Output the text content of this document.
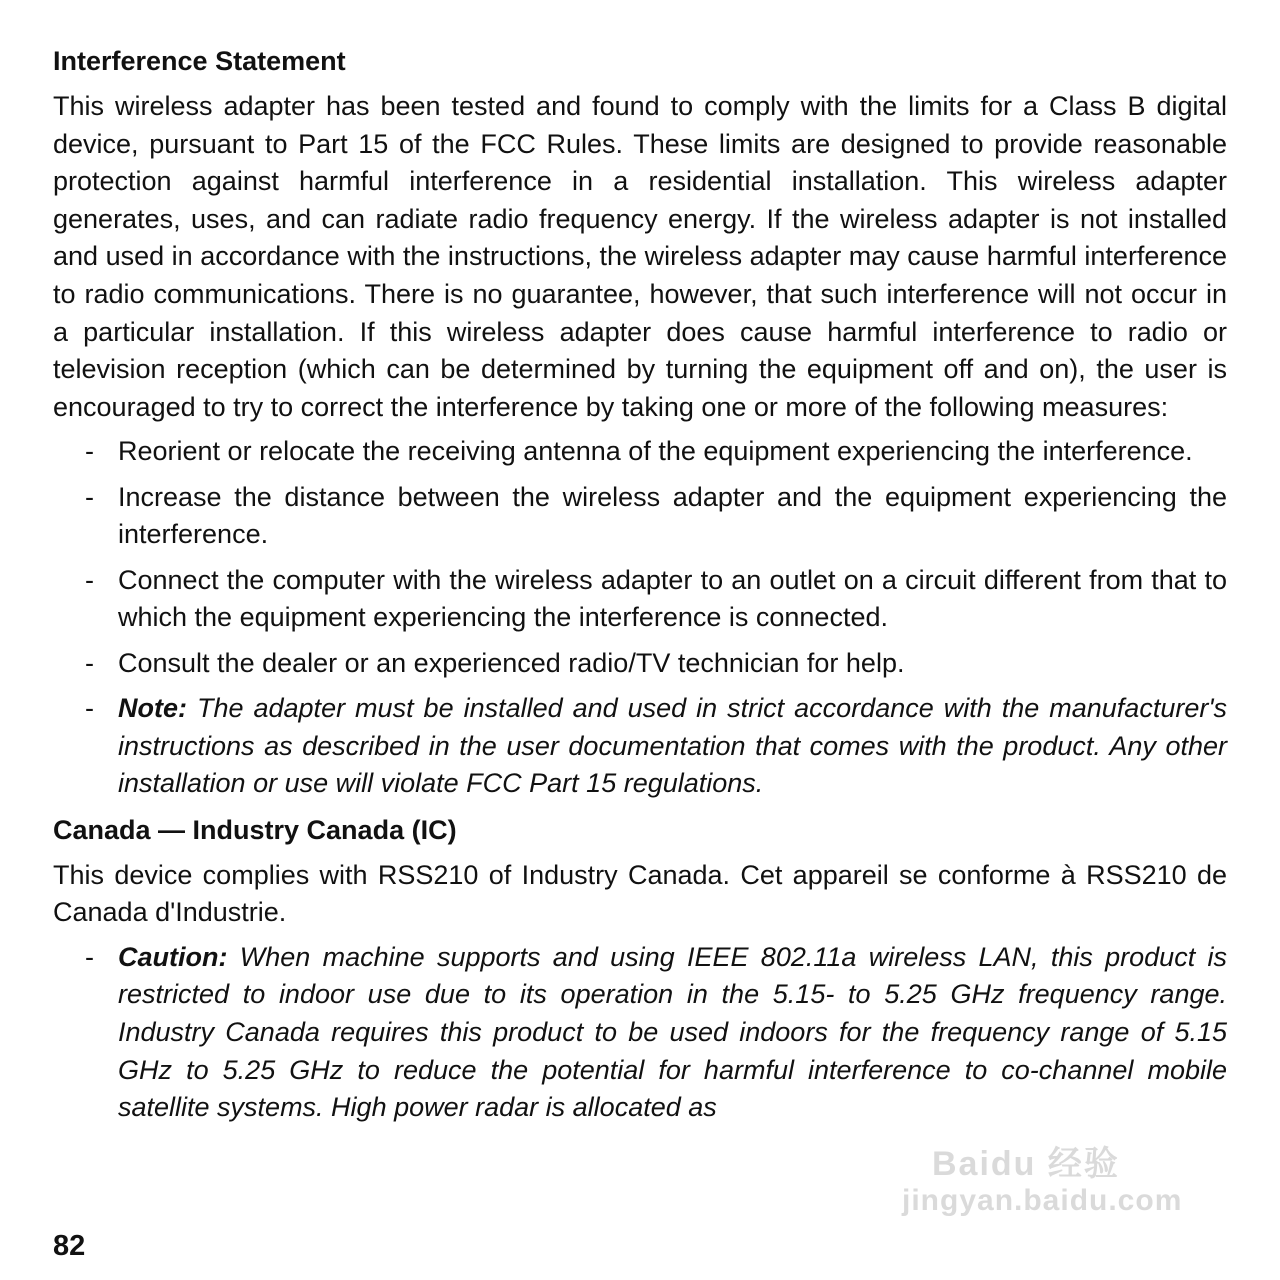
Interference Statement

This wireless adapter has been tested and found to comply with the limits for a Class B digital device, pursuant to Part 15 of the FCC Rules. These limits are designed to provide reasonable protection against harmful interference in a residential installation. This wireless adapter generates, uses, and can radiate radio frequency energy. If the wireless adapter is not installed and used in accordance with the instructions, the wireless adapter may cause harmful interference to radio communications. There is no guarantee, however, that such interference will not occur in a particular installation. If this wireless adapter does cause harmful interference to radio or television reception (which can be determined by turning the equipment off and on), the user is encouraged to try to correct the interference by taking one or more of the following measures:

- Reorient or relocate the receiving antenna of the equipment experiencing the interference.
- Increase the distance between the wireless adapter and the equipment experiencing the interference.
- Connect the computer with the wireless adapter to an outlet on a circuit different from that to which the equipment experiencing the interference is connected.
- Consult the dealer or an experienced radio/TV technician for help.
- Note: The adapter must be installed and used in strict accordance with the manufacturer's instructions as described in the user documentation that comes with the product. Any other installation or use will violate FCC Part 15 regulations.
Canada — Industry Canada (IC)

This device complies with RSS210 of Industry Canada. Cet appareil se conforme à RSS210 de Canada d'Industrie.

- Caution: When machine supports and using IEEE 802.11a wireless LAN, this product is restricted to indoor use due to its operation in the 5.15- to 5.25 GHz frequency range. Industry Canada requires this product to be used indoors for the frequency range of 5.15 GHz to 5.25 GHz to reduce the potential for harmful interference to co-channel mobile satellite systems. High power radar is allocated as
Baidu 经验
jingyan.baidu.com
82
